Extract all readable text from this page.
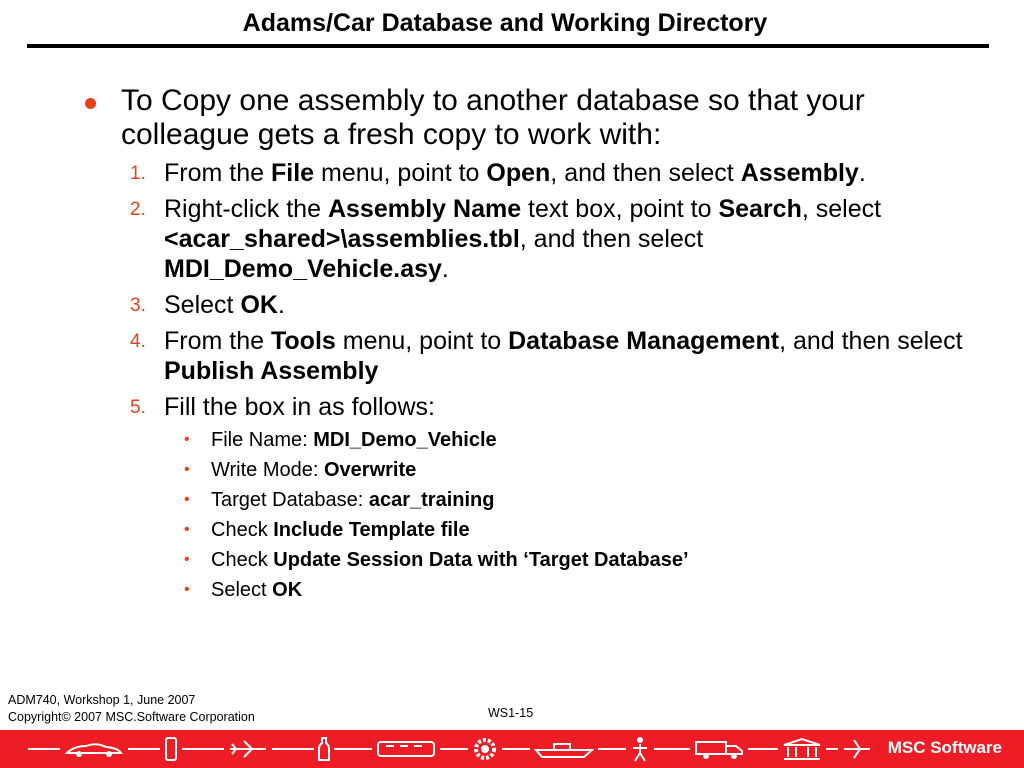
Adams/Car Database and Working Directory
To Copy one assembly to another database so that your colleague gets a fresh copy to work with:
1. From the File menu, point to Open, and then select Assembly.
2. Right-click the Assembly Name text box, point to Search, select <acar_shared>\assemblies.tbl, and then select MDI_Demo_Vehicle.asy.
3. Select OK.
4. From the Tools menu, point to Database Management, and then select Publish Assembly
5. Fill the box in as follows:
• File Name: MDI_Demo_Vehicle
• Write Mode: Overwrite
• Target Database: acar_training
• Check Include Template file
• Check Update Session Data with ‘Target Database’
• Select OK
ADM740, Workshop 1, June 2007
Copyright© 2007 MSC.Software Corporation	WS1-15
MSC Software
